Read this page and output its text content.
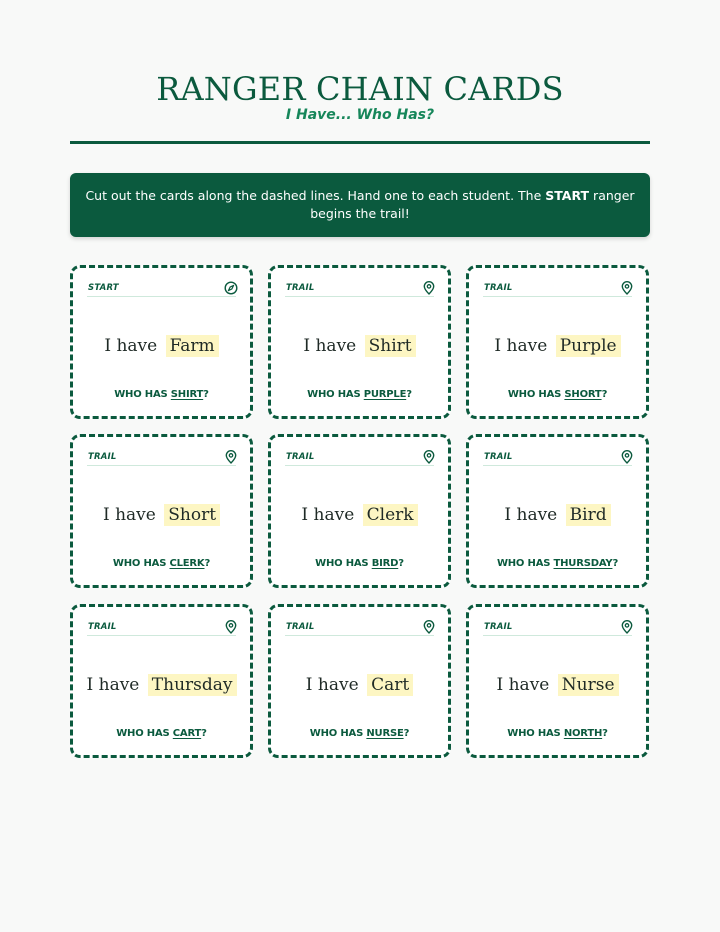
RANGER CHAIN CARDS
I Have... Who Has?
Cut out the cards along the dashed lines. Hand one to each student. The START ranger begins the trail!
START
I have Farm
WHO HAS SHIRT?
TRAIL
I have Shirt
WHO HAS PURPLE?
TRAIL
I have Purple
WHO HAS SHORT?
TRAIL
I have Short
WHO HAS CLERK?
TRAIL
I have Clerk
WHO HAS BIRD?
TRAIL
I have Bird
WHO HAS THURSDAY?
TRAIL
I have Thursday
WHO HAS CART?
TRAIL
I have Cart
WHO HAS NURSE?
TRAIL
I have Nurse
WHO HAS NORTH?
